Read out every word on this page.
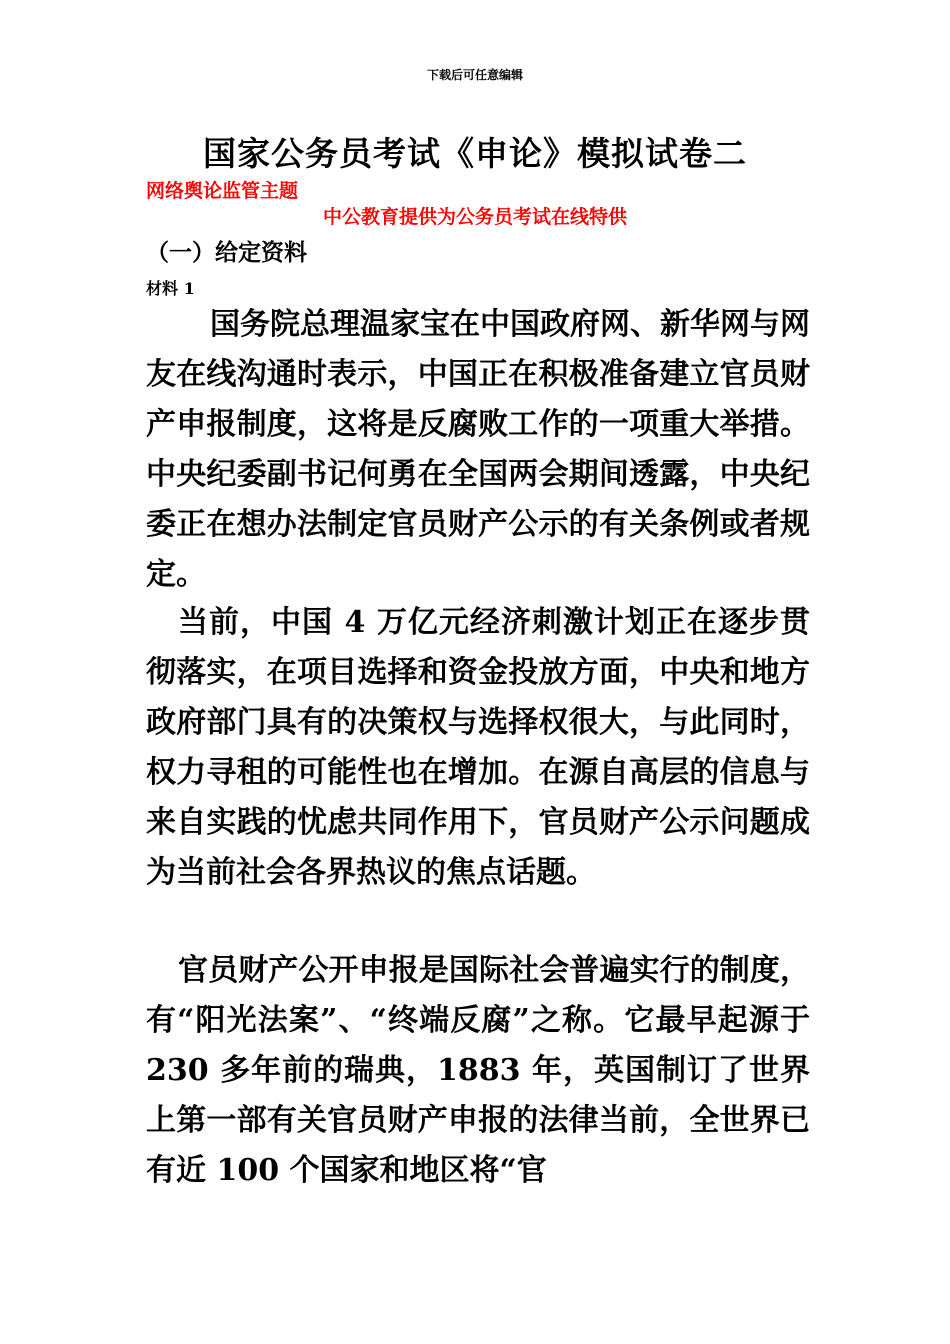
下载后可任意编辑
国家公务员考试《申论》模拟试卷二
网络舆论监管主题
中公教育提供为公务员考试在线特供
（一）给定资料
材料 1

国务院总理温家宝在中国政府网、新华网与网友在线沟通时表示，中国正在积极准备建立官员财产申报制度，这将是反腐败工作的一项重大举措。中央纪委副书记何勇在全国两会期间透露，中央纪委正在想办法制定官员财产公示的有关条例或者规定。

当前，中国 4 万亿元经济刺激计划正在逐步贯彻落实，在项目选择和资金投放方面，中央和地方政府部门具有的决策权与选择权很大，与此同时，权力寻租的可能性也在增加。在源自高层的信息与来自实践的忧虑共同作用下，官员财产公示问题成为当前社会各界热议的焦点话题。

官员财产公开申报是国际社会普遍实行的制度，有“阳光法案”、“终端反腐”之称。它最早起源于 230 多年前的瑞典，1883 年，英国制订了世界上第一部有关官员财产申报的法律当前，全世界已有近 100 个国家和地区将“官
